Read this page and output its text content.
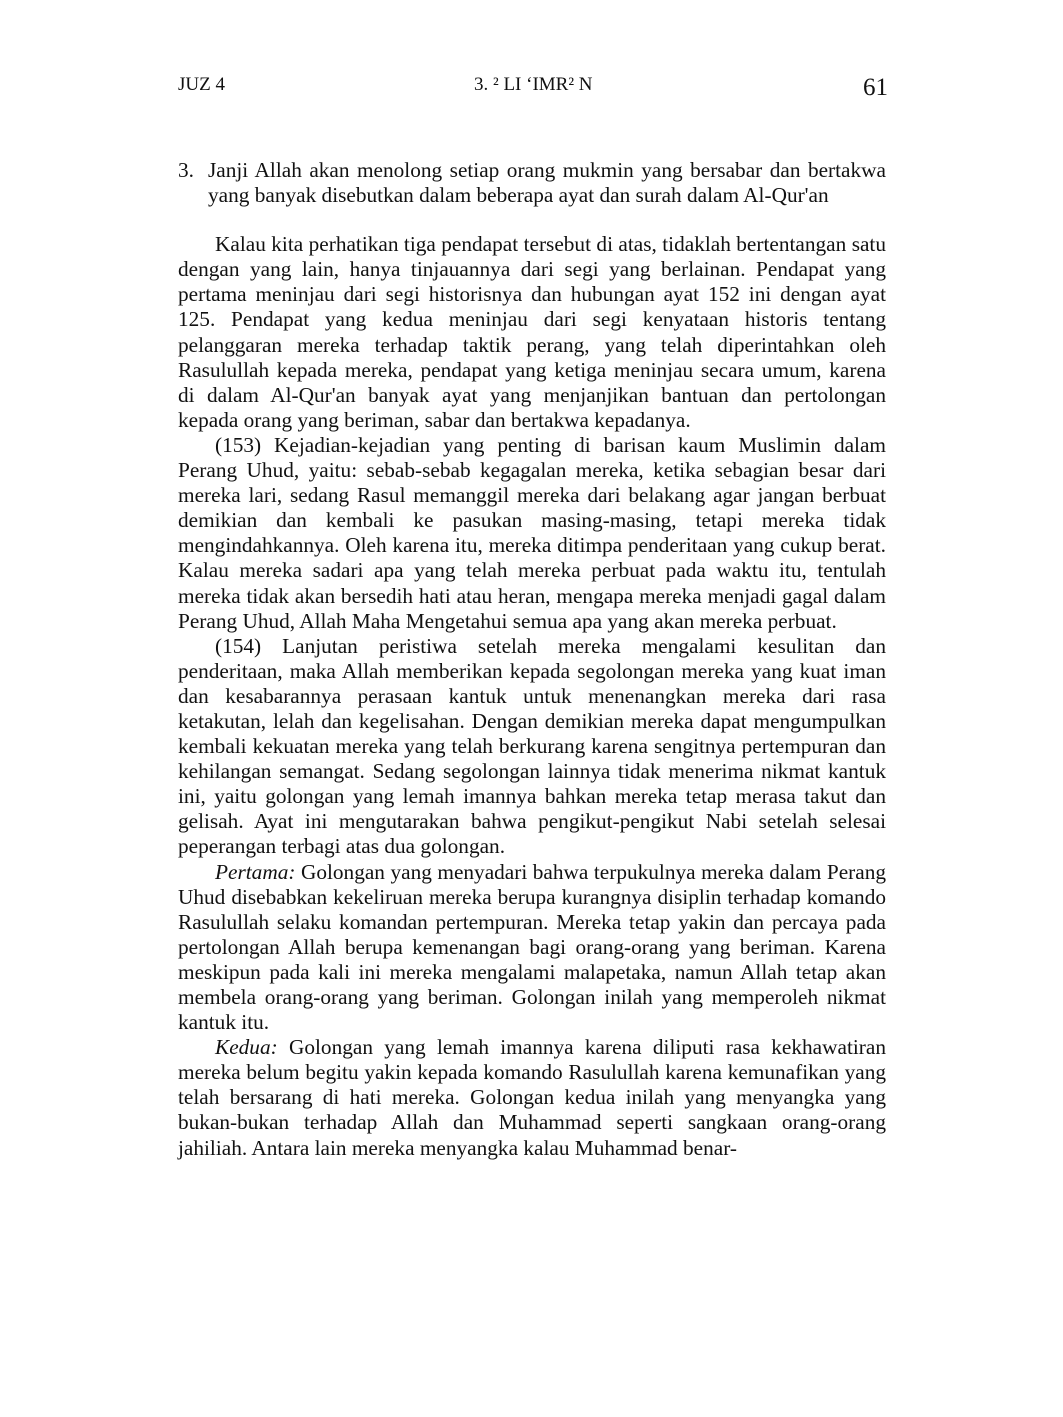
JUZ 4	3. ² LI ‘IMR² N	61
3. Janji Allah akan menolong setiap orang mukmin yang bersabar dan bertakwa yang banyak disebutkan dalam beberapa ayat dan surah dalam Al-Qur'an

Kalau kita perhatikan tiga pendapat tersebut di atas, tidaklah bertentangan satu dengan yang lain, hanya tinjauannya dari segi yang berlainan. Pendapat yang pertama meninjau dari segi historisnya dan hubungan ayat 152 ini dengan ayat 125. Pendapat yang kedua meninjau dari segi kenyataan historis tentang pelanggaran mereka terhadap taktik perang, yang telah diperintahkan oleh Rasulullah kepada mereka, pendapat yang ketiga meninjau secara umum, karena di dalam Al-Qur'an banyak ayat yang menjanjikan bantuan dan pertolongan kepada orang yang beriman, sabar dan bertakwa kepadanya.

(153) Kejadian-kejadian yang penting di barisan kaum Muslimin dalam Perang Uhud, yaitu: sebab-sebab kegagalan mereka, ketika sebagian besar dari mereka lari, sedang Rasul memanggil mereka dari belakang agar jangan berbuat demikian dan kembali ke pasukan masing-masing, tetapi mereka tidak mengindahkannya. Oleh karena itu, mereka ditimpa penderitaan yang cukup berat. Kalau mereka sadari apa yang telah mereka perbuat pada waktu itu, tentulah mereka tidak akan bersedih hati atau heran, mengapa mereka menjadi gagal dalam Perang Uhud, Allah Maha Mengetahui semua apa yang akan mereka perbuat.

(154) Lanjutan peristiwa setelah mereka mengalami kesulitan dan penderitaan, maka Allah memberikan kepada segolongan mereka yang kuat iman dan kesabarannya perasaan kantuk untuk menenangkan mereka dari rasa ketakutan, lelah dan kegelisahan. Dengan demikian mereka dapat mengumpulkan kembali kekuatan mereka yang telah berkurang karena sengitnya pertempuran dan kehilangan semangat. Sedang segolongan lainnya tidak menerima nikmat kantuk ini, yaitu golongan yang lemah imannya bahkan mereka tetap merasa takut dan gelisah. Ayat ini mengutarakan bahwa pengikut-pengikut Nabi setelah selesai peperangan terbagi atas dua golongan.

Pertama: Golongan yang menyadari bahwa terpukulnya mereka dalam Perang Uhud disebabkan kekeliruan mereka berupa kurangnya disiplin terhadap komando Rasulullah selaku komandan pertempuran. Mereka tetap yakin dan percaya pada pertolongan Allah berupa kemenangan bagi orang-orang yang beriman. Karena meskipun pada kali ini mereka mengalami malapetaka, namun Allah tetap akan membela orang-orang yang beriman. Golongan inilah yang memperoleh nikmat kantuk itu.

Kedua: Golongan yang lemah imannya karena diliputi rasa kekhawatiran mereka belum begitu yakin kepada komando Rasulullah karena kemunafikan yang telah bersarang di hati mereka. Golongan kedua inilah yang menyangka yang bukan-bukan terhadap Allah dan Muhammad seperti sangkaan orang-orang jahiliah. Antara lain mereka menyangka kalau Muhammad benar-
